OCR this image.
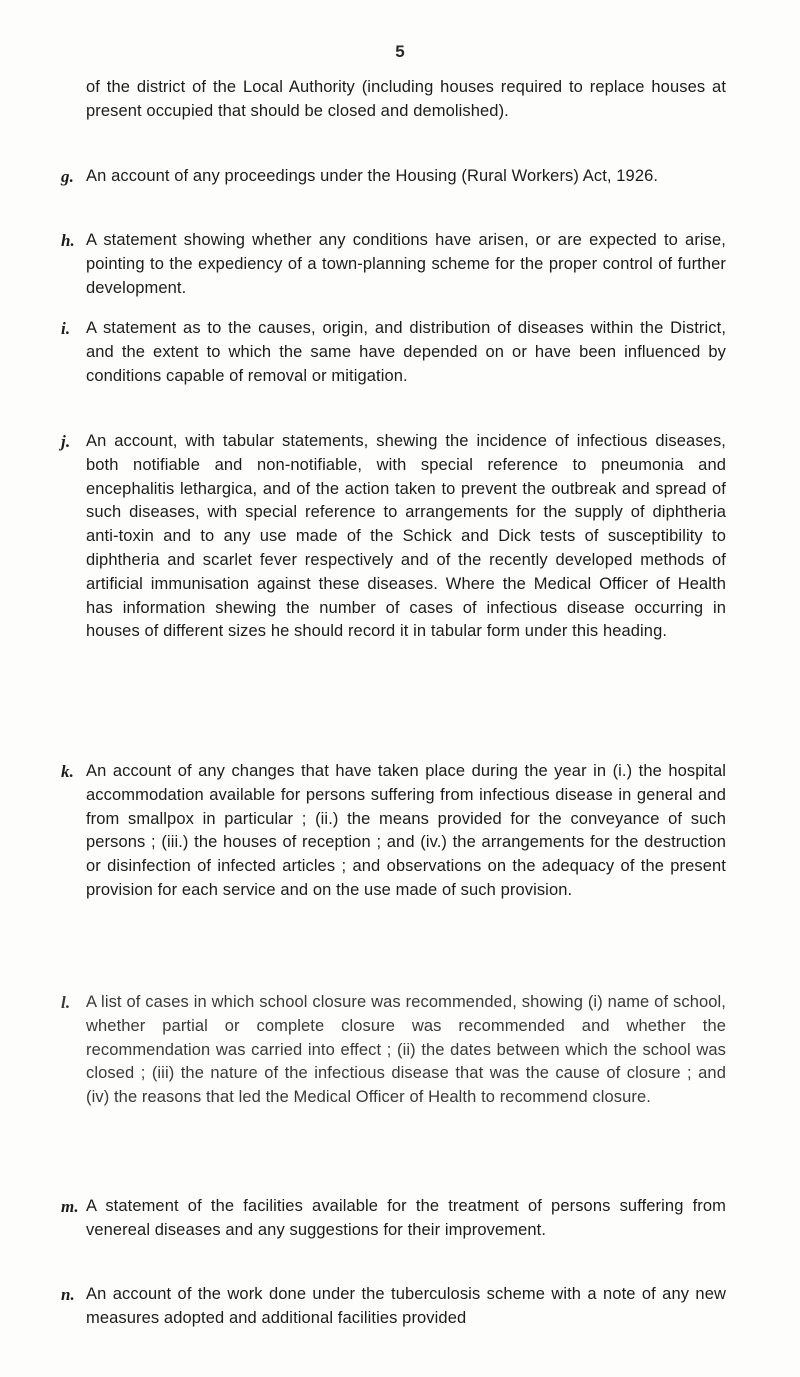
5
of the district of the Local Authority (including houses required to replace houses at present occupied that should be closed and demolished).
g. An account of any proceedings under the Housing (Rural Workers) Act, 1926.
h. A statement showing whether any conditions have arisen, or are expected to arise, pointing to the expediency of a town-planning scheme for the proper control of further development.
i. A statement as to the causes, origin, and distribution of diseases within the District, and the extent to which the same have depended on or have been influenced by conditions capable of removal or mitigation.
j. An account, with tabular statements, shewing the incidence of infectious diseases, both notifiable and non-notifiable, with special reference to pneumonia and encephalitis lethargica, and of the action taken to prevent the outbreak and spread of such diseases, with special reference to arrangements for the supply of diphtheria anti-toxin and to any use made of the Schick and Dick tests of susceptibility to diphtheria and scarlet fever respectively and of the recently developed methods of artificial immunisation against these diseases. Where the Medical Officer of Health has information shewing the number of cases of infectious disease occurring in houses of different sizes he should record it in tabular form under this heading.
k. An account of any changes that have taken place during the year in (i.) the hospital accommodation available for persons suffering from infectious disease in general and from smallpox in particular ; (ii.) the means provided for the conveyance of such persons ; (iii.) the houses of reception ; and (iv.) the arrangements for the destruction or disinfection of infected articles ; and observations on the adequacy of the present provision for each service and on the use made of such provision.
l. A list of cases in which school closure was recommended, showing (i) name of school, whether partial or complete closure was recommended and whether the recommendation was carried into effect ; (ii) the dates between which the school was closed ; (iii) the nature of the infectious disease that was the cause of closure ; and (iv) the reasons that led the Medical Officer of Health to recommend closure.
m. A statement of the facilities available for the treatment of persons suffering from venereal diseases and any suggestions for their improvement.
n. An account of the work done under the tuberculosis scheme with a note of any new measures adopted and additional facilities provided
